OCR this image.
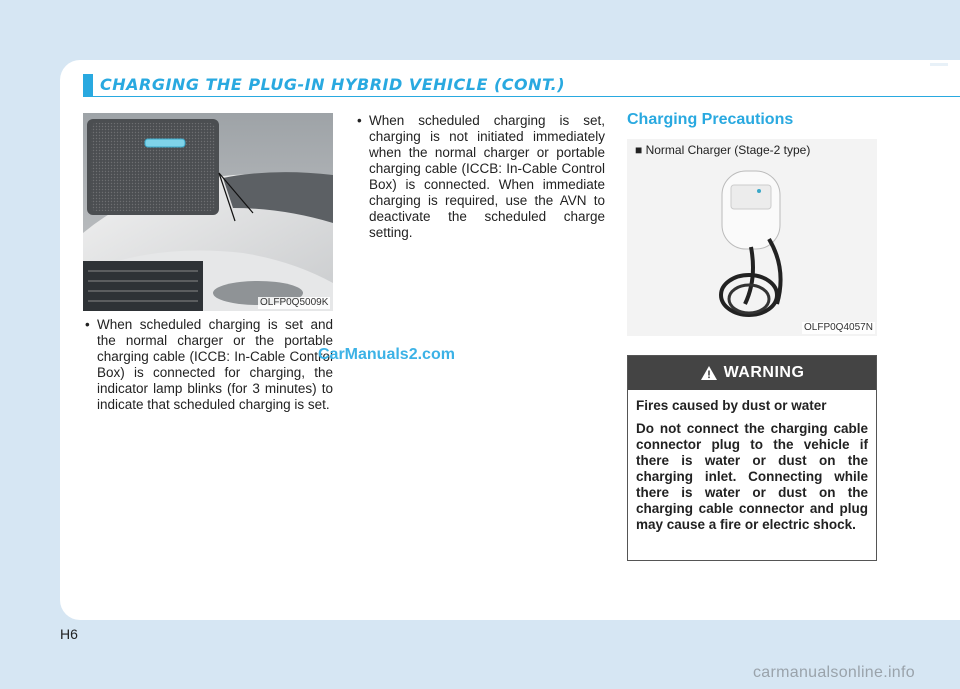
CHARGING THE PLUG-IN HYBRID VEHICLE (CONT.)
OLFP0Q5009K
• When scheduled charging is set and the normal charger or the portable charging cable (ICCB: In-Cable Control Box) is connected for charging, the indicator lamp blinks (for 3 minutes) to indicate that scheduled charging is set.
• When scheduled charging is set, charging is not initiated immediately when the normal charger or portable charging cable (ICCB: In-Cable Control Box) is connected. When immediate charging is required, use the AVN to deactivate the scheduled charge setting.
Charging Precautions
■ Normal Charger (Stage-2 type)
OLFP0Q4057N
CarManuals2.com
WARNING
Fires caused by dust or water
Do not connect the charging cable connector plug to the vehicle if there is water or dust on the charging inlet. Connecting while there is water or dust on the charging cable connector and plug may cause a fire or electric shock.
H6
carmanualsonline.info
